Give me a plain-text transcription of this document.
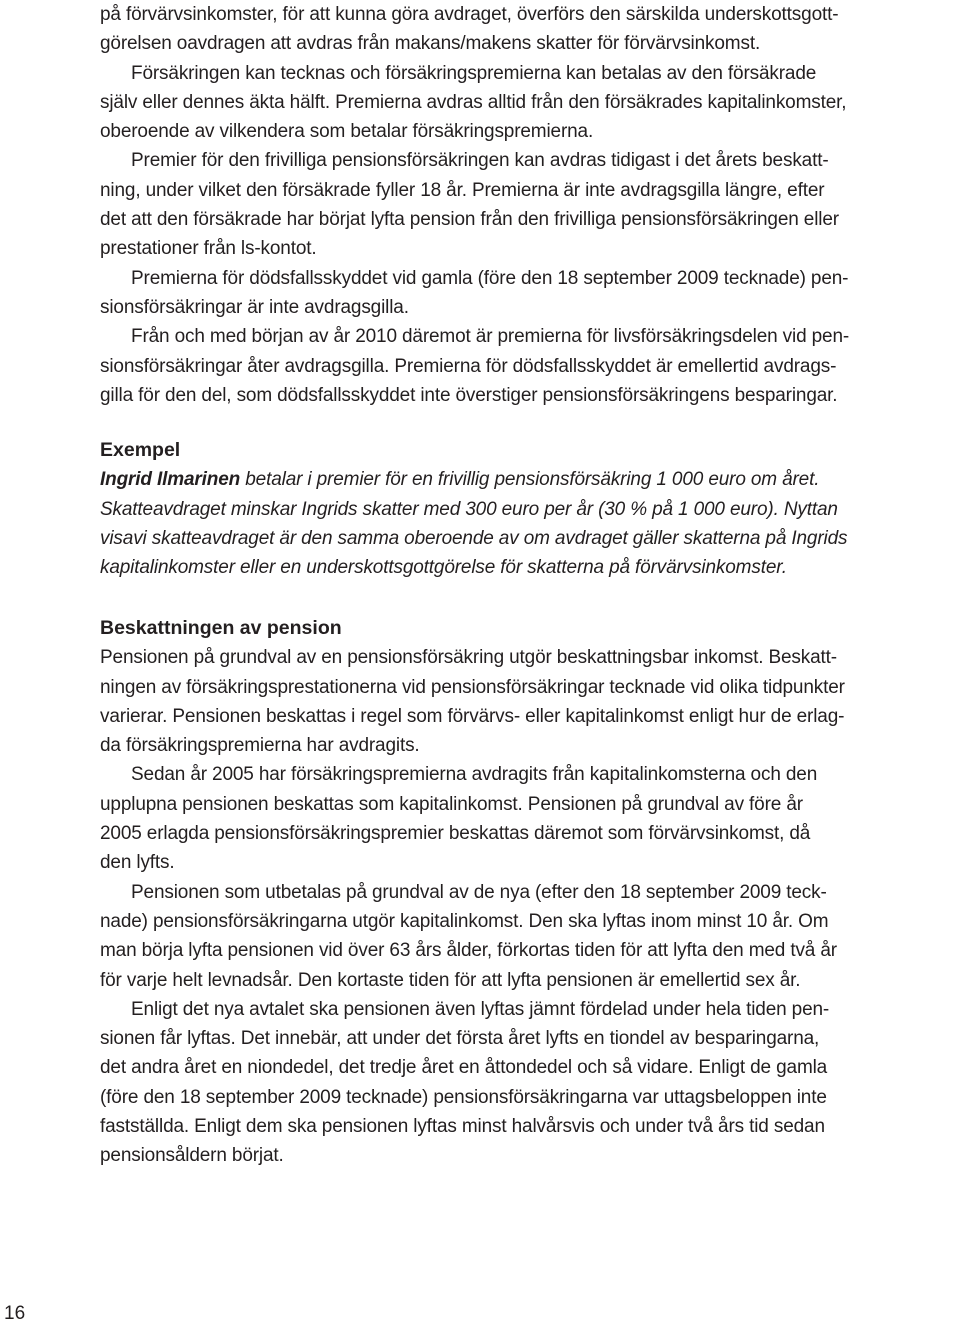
på förvärvsinkomster, för att kunna göra avdraget, överförs den särskilda underskottsgott-
görelsen oavdragen att avdras från makans/makens skatter för förvärvsinkomst.
Försäkringen kan tecknas och försäkringspremierna kan betalas av den försäkrade
själv eller dennes äkta hälft. Premierna avdras alltid från den försäkrades kapitalinkomster,
oberoende av vilkendera som betalar försäkringspremierna.
Premier för den frivilliga pensionsförsäkringen kan avdras tidigast i det årets beskatt-
ning, under vilket den försäkrade fyller 18 år. Premierna är inte avdragsgilla längre, efter
det att den försäkrade har börjat lyfta pension från den frivilliga pensionsförsäkringen eller
prestationer från ls-kontot.
Premierna för dödsfallsskyddet vid gamla (före den 18 september 2009 tecknade) pen-
sionsförsäkringar är inte avdragsgilla.
Från och med början av år 2010 däremot är premierna för livsförsäkringsdelen vid pen-
sionsförsäkringar åter avdragsgilla. Premierna för dödsfallsskyddet är emellertid avdrags-
gilla för den del, som dödsfallsskyddet inte överstiger pensionsförsäkringens besparingar.
Exempel
Ingrid Ilmarinen betalar i premier för en frivillig pensionsförsäkring 1 000 euro om året.
Skatteavdraget minskar Ingrids skatter med 300 euro per år (30 % på 1 000 euro). Nyttan
visavi skatteavdraget är den samma oberoende av om avdraget gäller skatterna på Ingrids
kapitalinkomster eller en underskottsgottgörelse för skatterna på förvärvsinkomster.
Beskattningen av pension
Pensionen på grundval av en pensionsförsäkring utgör beskattningsbar inkomst. Beskatt-
ningen av försäkringsprestationerna vid pensionsförsäkringar tecknade vid olika tidpunkter
varierar. Pensionen beskattas i regel som förvärvs- eller kapitalinkomst enligt hur de erlag-
da försäkringspremierna har avdragits.
Sedan år 2005 har försäkringspremierna avdragits från kapitalinkomsterna och den
upplupna pensionen beskattas som kapitalinkomst. Pensionen på grundval av före år
2005 erlagda pensionsförsäkringspremier beskattas däremot som förvärvsinkomst, då
den lyfts.
Pensionen som utbetalas på grundval av de nya (efter den 18 september 2009 teck-
nade) pensionsförsäkringarna utgör kapitalinkomst. Den ska lyftas inom minst 10 år. Om
man börja lyfta pensionen vid över 63 års ålder, förkortas tiden för att lyfta den med två år
för varje helt levnadsår. Den kortaste tiden för att lyfta pensionen är emellertid sex år.
Enligt det nya avtalet ska pensionen även lyftas jämnt fördelad under hela tiden pen-
sionen får lyftas. Det innebär, att under det första året lyfts en tiondel av besparingarna,
det andra året en niondedel, det tredje året en åttondedel och så vidare. Enligt de gamla
(före den 18 september 2009 tecknade) pensionsförsäkringarna var uttagsbeloppen inte
fastställda. Enligt dem ska pensionen lyftas minst halvårsvis och under två års tid sedan
pensionsåldern börjat.
16
